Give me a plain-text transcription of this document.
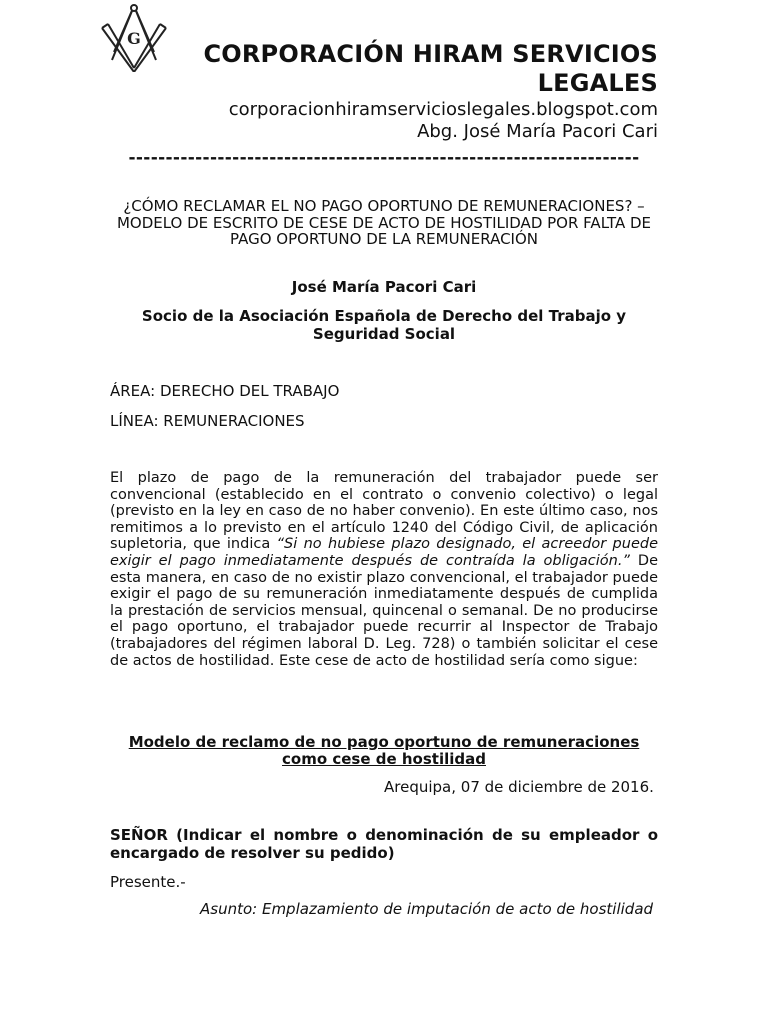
G
CORPORACIÓN HIRAM SERVICIOS LEGALES
corporacionhiramservicioslegales.blogspot.com
Abg. José María Pacori Cari
---------------------------------------------------------------------
¿CÓMO RECLAMAR EL NO PAGO OPORTUNO DE REMUNERACIONES? – MODELO DE ESCRITO DE CESE DE ACTO DE HOSTILIDAD POR FALTA DE PAGO OPORTUNO DE LA REMUNERACIÓN
José María Pacori Cari
Socio de la Asociación Española de Derecho del Trabajo y Seguridad Social
ÁREA: DERECHO DEL TRABAJO
LÍNEA: REMUNERACIONES
El plazo de pago de la remuneración del trabajador puede ser convencional (establecido en el contrato o convenio colectivo) o legal (previsto en la ley en caso de no haber convenio). En este último caso, nos remitimos a lo previsto en el artículo 1240 del Código Civil, de aplicación supletoria, que indica “Si no hubiese plazo designado, el acreedor puede exigir el pago inmediatamente después de contraída la obligación.” De esta manera, en caso de no existir plazo convencional, el trabajador puede exigir el pago de su remuneración inmediatamente después de cumplida la prestación de servicios mensual, quincenal o semanal. De no producirse el pago oportuno, el trabajador puede recurrir al Inspector de Trabajo (trabajadores del régimen laboral D. Leg. 728) o también solicitar el cese de actos de hostilidad. Este cese de acto de hostilidad sería como sigue:
Modelo de reclamo de no pago oportuno de remuneraciones como cese de hostilidad
Arequipa, 07 de diciembre de 2016.
SEÑOR (Indicar el nombre o denominación de su empleador o encargado de resolver su pedido)
Presente.-
Asunto: Emplazamiento de imputación de acto de hostilidad
